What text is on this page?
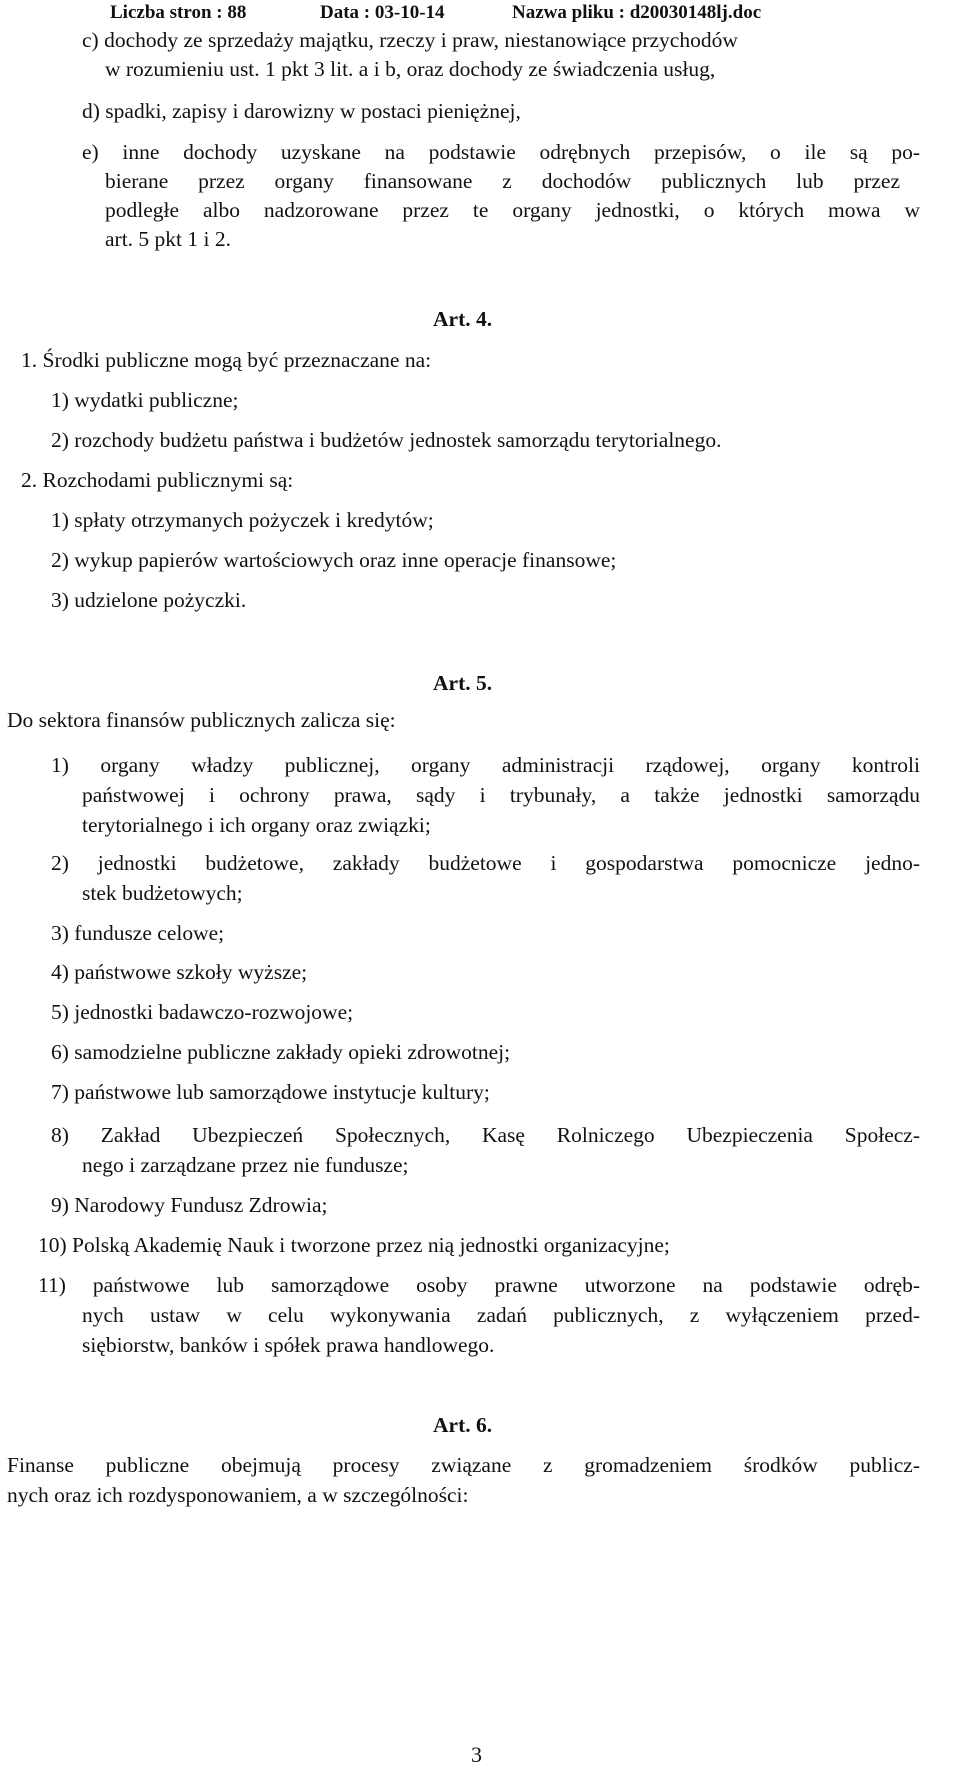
Liczba stron : 88	Data : 03-10-14	Nazwa pliku : d20030148lj.doc
c) dochody ze sprzedaży majątku, rzeczy i praw, niestanowiące przychodów
w rozumieniu ust. 1 pkt 3 lit. a i b, oraz dochody ze świadczenia usług,
d) spadki, zapisy i darowizny w postaci pieniężnej,
e) inne dochody uzyskane na podstawie odrębnych przepisów, o ile są po-
bierane przez organy finansowane z dochodów publicznych lub przez
podległe albo nadzorowane przez te organy jednostki, o których mowa w
art. 5 pkt 1 i 2.
Art. 4.
1. Środki publiczne mogą być przeznaczane na:
1) wydatki publiczne;
2) rozchody budżetu państwa i budżetów jednostek samorządu terytorialnego.
2. Rozchodami publicznymi są:
1) spłaty otrzymanych pożyczek i kredytów;
2) wykup papierów wartościowych oraz inne operacje finansowe;
3) udzielone pożyczki.
Art. 5.
Do sektora finansów publicznych zalicza się:
1) organy władzy publicznej, organy administracji rządowej, organy kontroli
państwowej i ochrony prawa, sądy i trybunały, a także jednostki samorządu
terytorialnego i ich organy oraz związki;
2) jednostki budżetowe, zakłady budżetowe i gospodarstwa pomocnicze jedno-
stek budżetowych;
3) fundusze celowe;
4) państwowe szkoły wyższe;
5) jednostki badawczo-rozwojowe;
6) samodzielne publiczne zakłady opieki zdrowotnej;
7) państwowe lub samorządowe instytucje kultury;
8) Zakład Ubezpieczeń Społecznych, Kasę Rolniczego Ubezpieczenia Społecz-
nego i zarządzane przez nie fundusze;
9) Narodowy Fundusz Zdrowia;
10) Polską Akademię Nauk i tworzone przez nią jednostki organizacyjne;
11) państwowe lub samorządowe osoby prawne utworzone na podstawie odręb-
nych ustaw w celu wykonywania zadań publicznych, z wyłączeniem przed-
siębiorstw, banków i spółek prawa handlowego.
Art. 6.
Finanse publiczne obejmują procesy związane z gromadzeniem środków publicz-
nych oraz ich rozdysponowaniem, a w szczególności:
3
